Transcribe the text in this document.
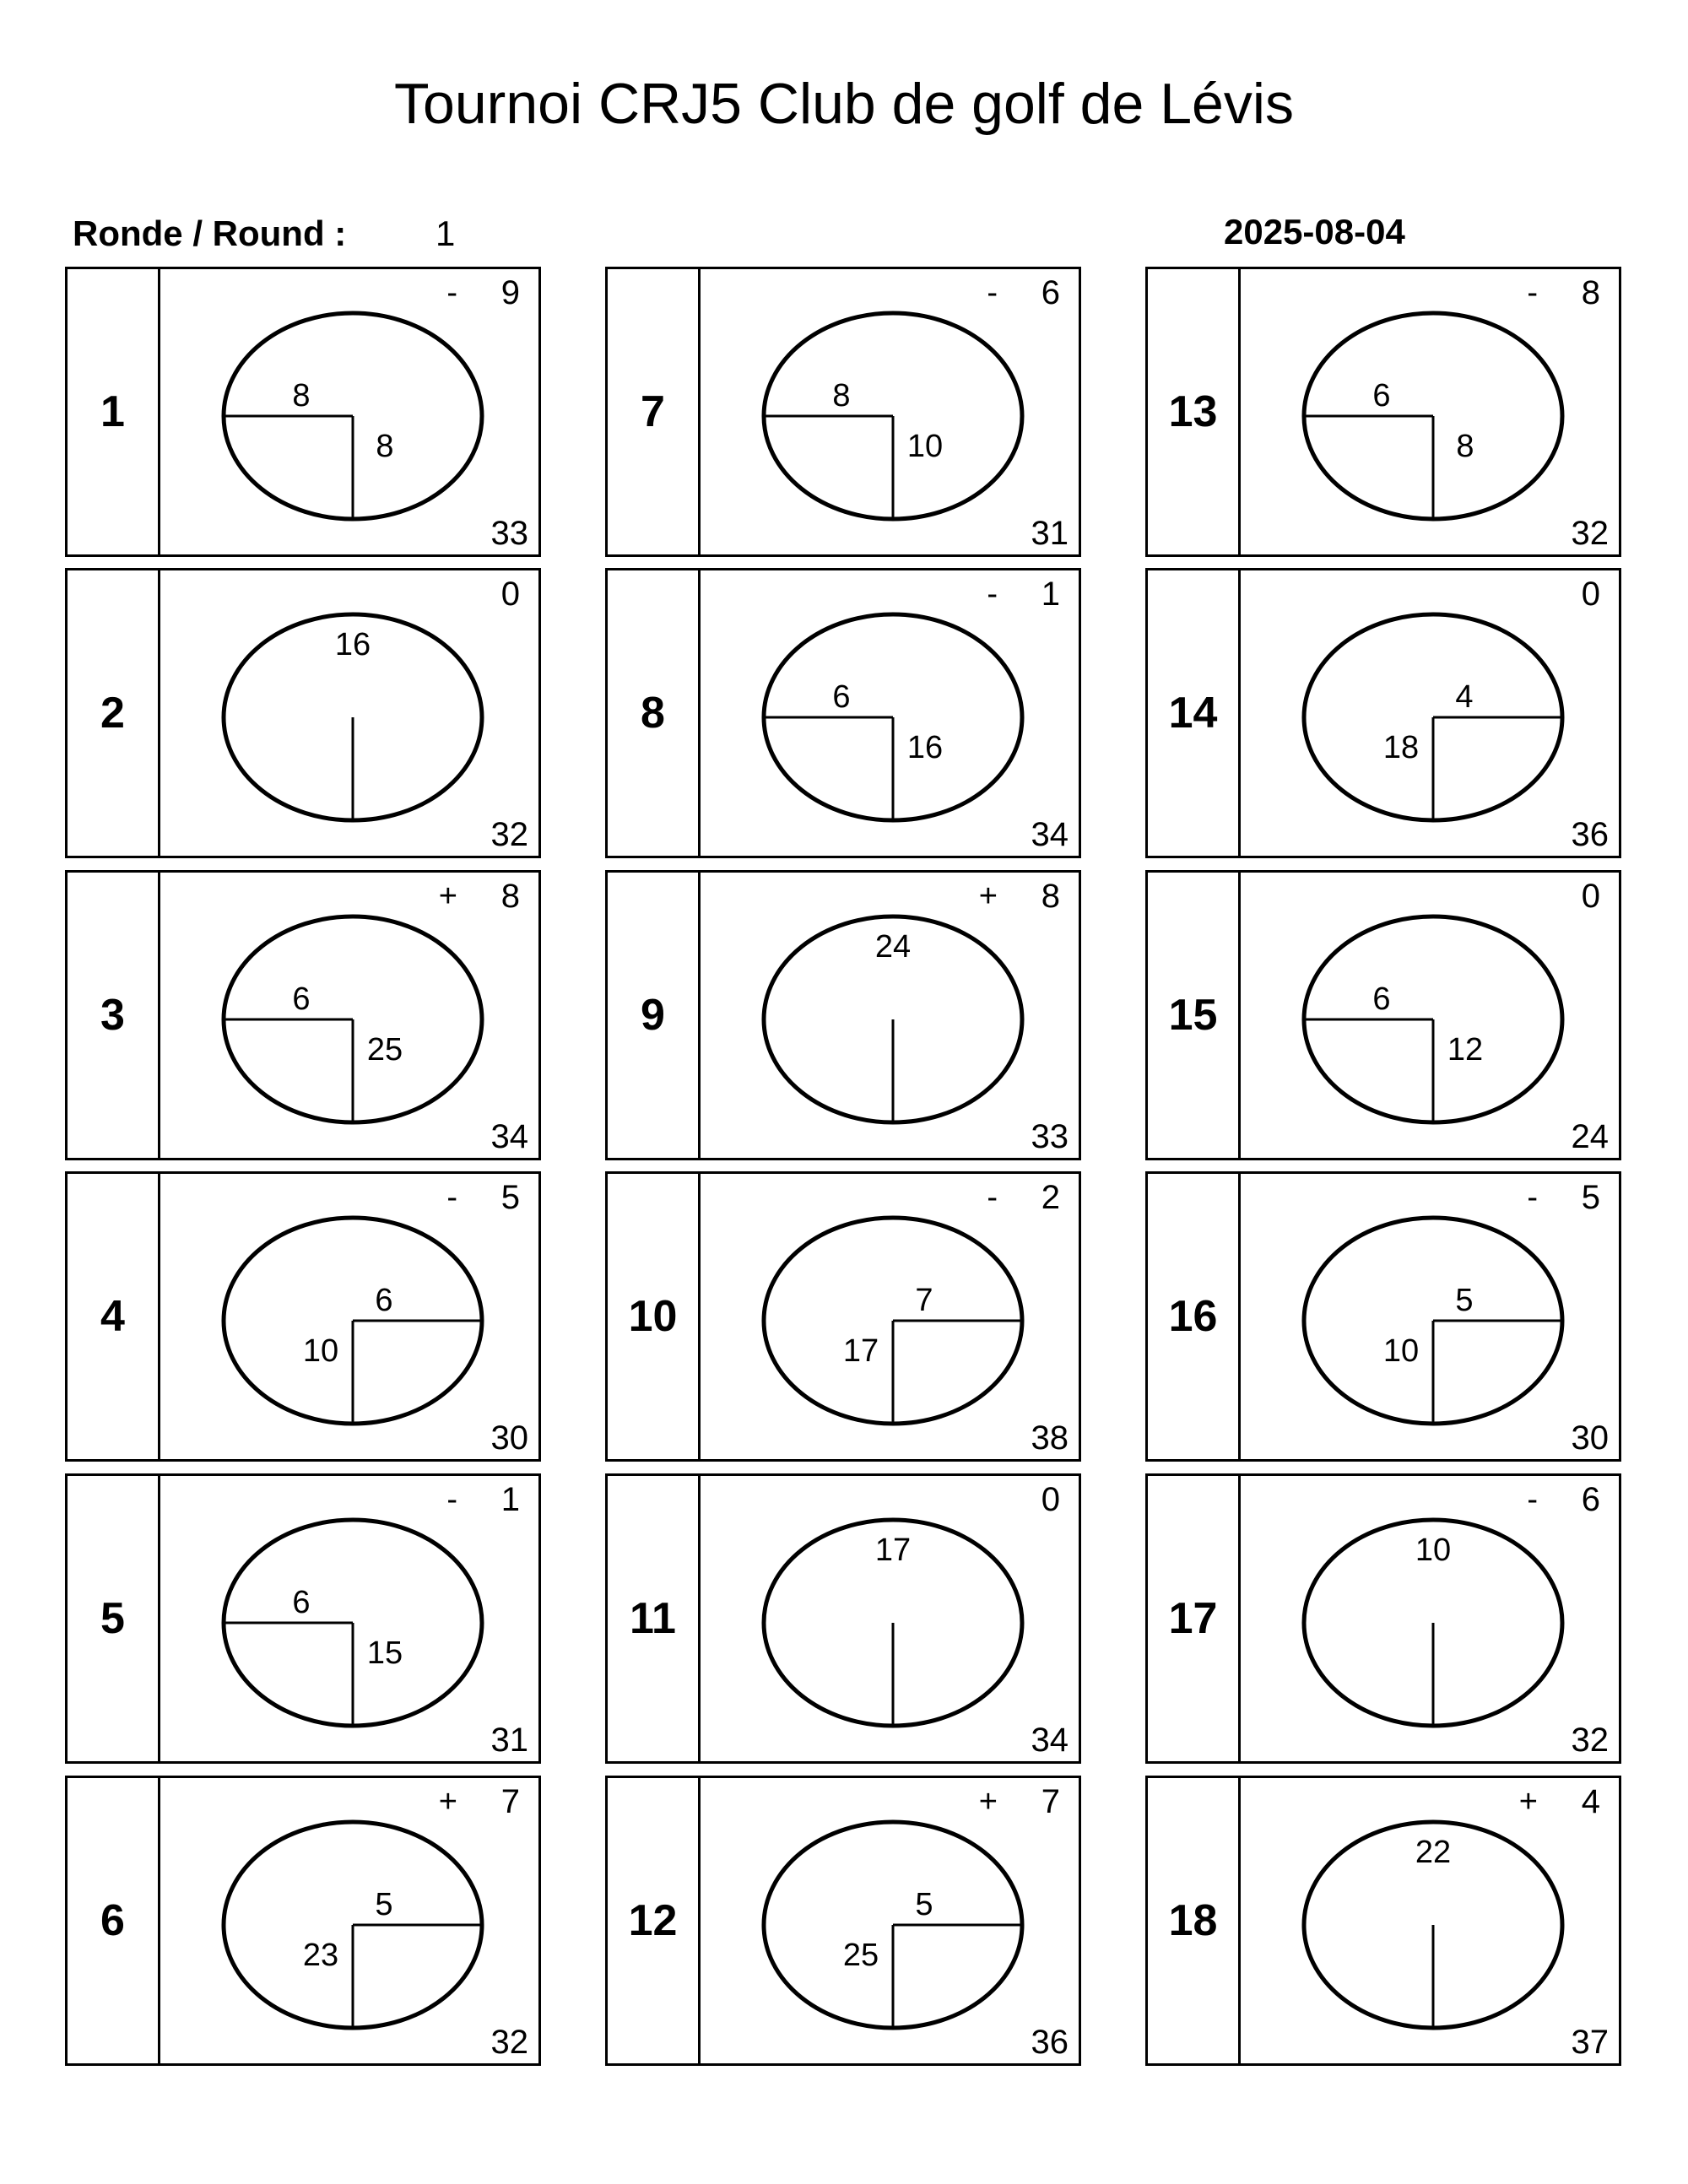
Tournoi CRJ5 Club de golf de Lévis
Ronde / Round :	1	2025-08-04
1
- 9
33
8
8
2
0
32
16
3
+ 8
34
6
25
4
- 5
30
6
10
5
- 1
31
6
15
6
+ 7
32
5
23
7
- 6
31
8
10
8
- 1
34
6
16
9
+ 8
33
24
10
- 2
38
7
17
11
0
34
17
12
+ 7
36
5
25
13
- 8
32
6
8
14
0
36
4
18
15
0
24
6
12
16
- 5
30
5
10
17
- 6
32
10
18
+ 4
37
22
